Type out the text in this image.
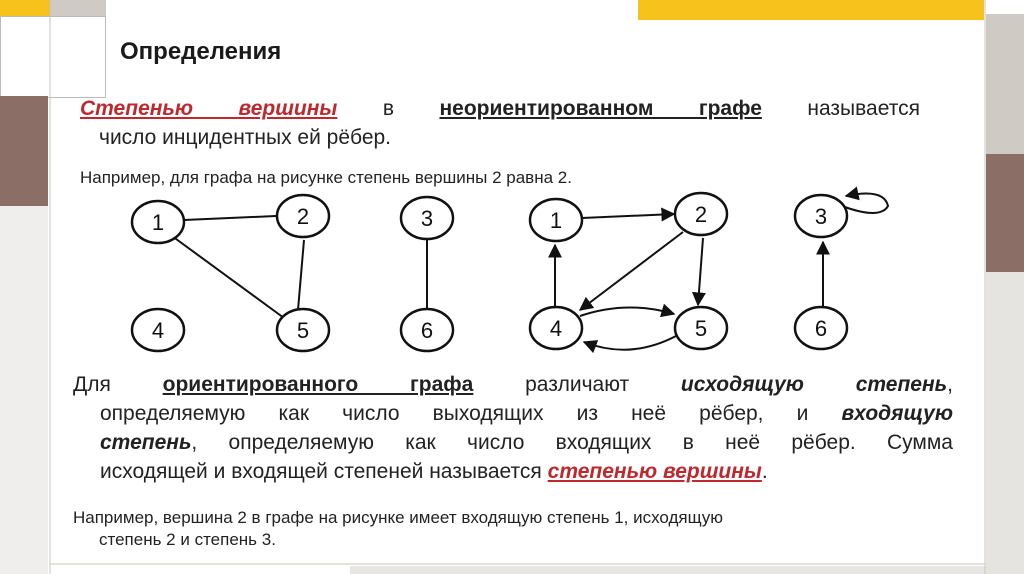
Определения
Степенью вершины в неориентированном графе называется
число инцидентных ей рёбер.
Например, для графа на рисунке степень вершины 2 равна 2.
1	2	3
4	5	6
1	2	3
4	5	6
Для ориентированного графа различают исходящую степень,
определяемую как число выходящих из неё рёбер, и входящую
степень, определяемую как число входящих в неё рёбер. Сумма
исходящей и входящей степеней называется степенью вершины.
Например, вершина 2 в графе на рисунке имеет входящую степень 1, исходящую
степень 2 и степень 3.
